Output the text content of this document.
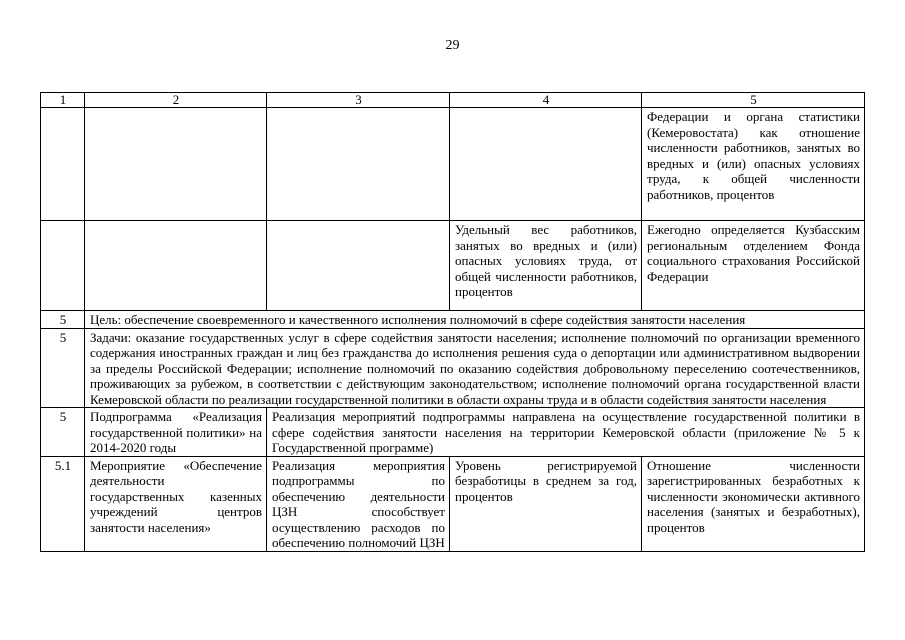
29
1	2	3	4	5
				Федерации и органа статистики (Кемеровостата) как отношение численности работников, занятых во вредных и (или) опасных условиях труда, к общей численности работников, процентов
			Удельный вес работников, занятых во вредных и (или) опасных условиях труда, от общей численности работников, процентов	Ежегодно определяется Кузбасским региональным отделением Фонда социального страхования Российской Федерации
5	Цель: обеспечение своевременного и качественного исполнения полномочий в сфере содействия занятости населения			
5	Задачи: оказание государственных услуг в сфере содействия занятости населения; исполнение полномочий по организации временного содержания иностранных граждан и лиц без гражданства до исполнения решения суда о депортации или административном выдворении за пределы Российской Федерации; исполнение полномочий по оказанию содействия добровольному переселению соотечественников, проживающих за рубежом, в соответствии с действующим законодательством; исполнение полномочий органа государственной власти Кемеровской области по реализации государственной политики в области охраны труда и в области содействия занятости населения			
5	Подпрограмма «Реализация государственной политики» на 2014-2020 годы	Реализация мероприятий подпрограммы направлена на осуществление государственной политики в сфере содействия занятости населения на территории Кемеровской области (приложение № 5 к Государственной программе)		
5.1	Мероприятие «Обеспечение деятельности государственных казенных учреждений центров занятости населения»	Реализация мероприятия подпрограммы по обеспечению деятельности ЦЗН способствует осуществлению расходов по обеспечению полномочий ЦЗН	Уровень регистрируемой безработицы в среднем за год, процентов	Отношение численности зарегистрированных безработных к численности экономически активного населения (занятых и безработных), процентов
